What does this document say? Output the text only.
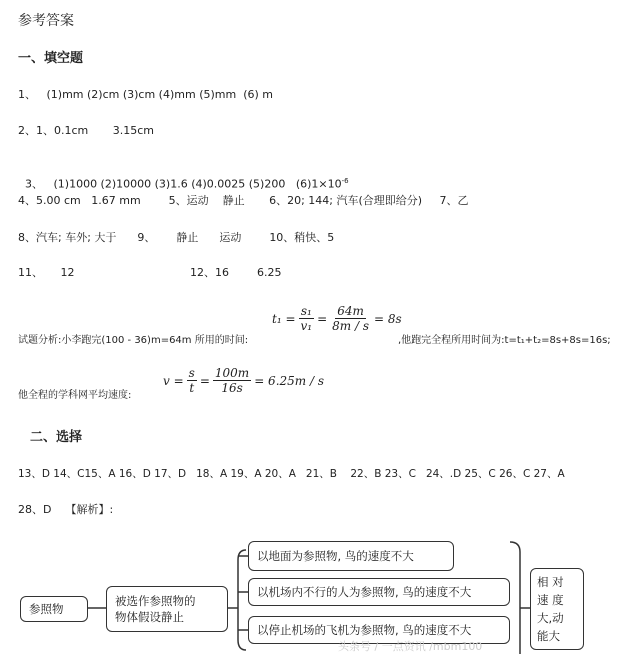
参考答案
一、填空题
1、   (1)mm (2)cm (3)cm (4)mm (5)mm  (6) m
2、1、0.1cm       3.15cm

3、   (1)1000 (2)10000 (3)1.6 (4)0.0025 (5)200   $(6)1\times 10^{-6}$

4、5.00 cm   1.67 mm        5、运动    静止       6、20; 144; 汽车(合理即给分)     7、乙
8、汽车; 车外; 大于      9、      静止      运动        10、稍快、5
11、     12	12、16        6.25
$t_1 = \frac{\text{s₁}}{\text{v₁}} = \frac{64m}{8m / s} = 8s$
试题分析:小李跑完(100 - 36)m=64m 所用的时间:	,他跑完全程所用时间为:t=t₁+t₂=8s+8s=16s;
$v = \frac{s}{t} = \frac{100m}{16s} = 6.25m / s$
他全程的学科网平均速度:
二、选择
13、D 14、C15、A 16、D 17、D   18、A 19、A 20、A   21、B    22、B 23、C   24、.D 25、C 26、C 27、A
28、D    【解析】:
参照物
被选作参照物的
物体假设静止
以地面为参照物, 鸟的速度不大
以机场内不行的人为参照物, 鸟的速度不大
以停止机场的飞机为参照物, 鸟的速度不大
相 对
速 度
大,动
能大
头条号 / 一点资讯 /mbm100
